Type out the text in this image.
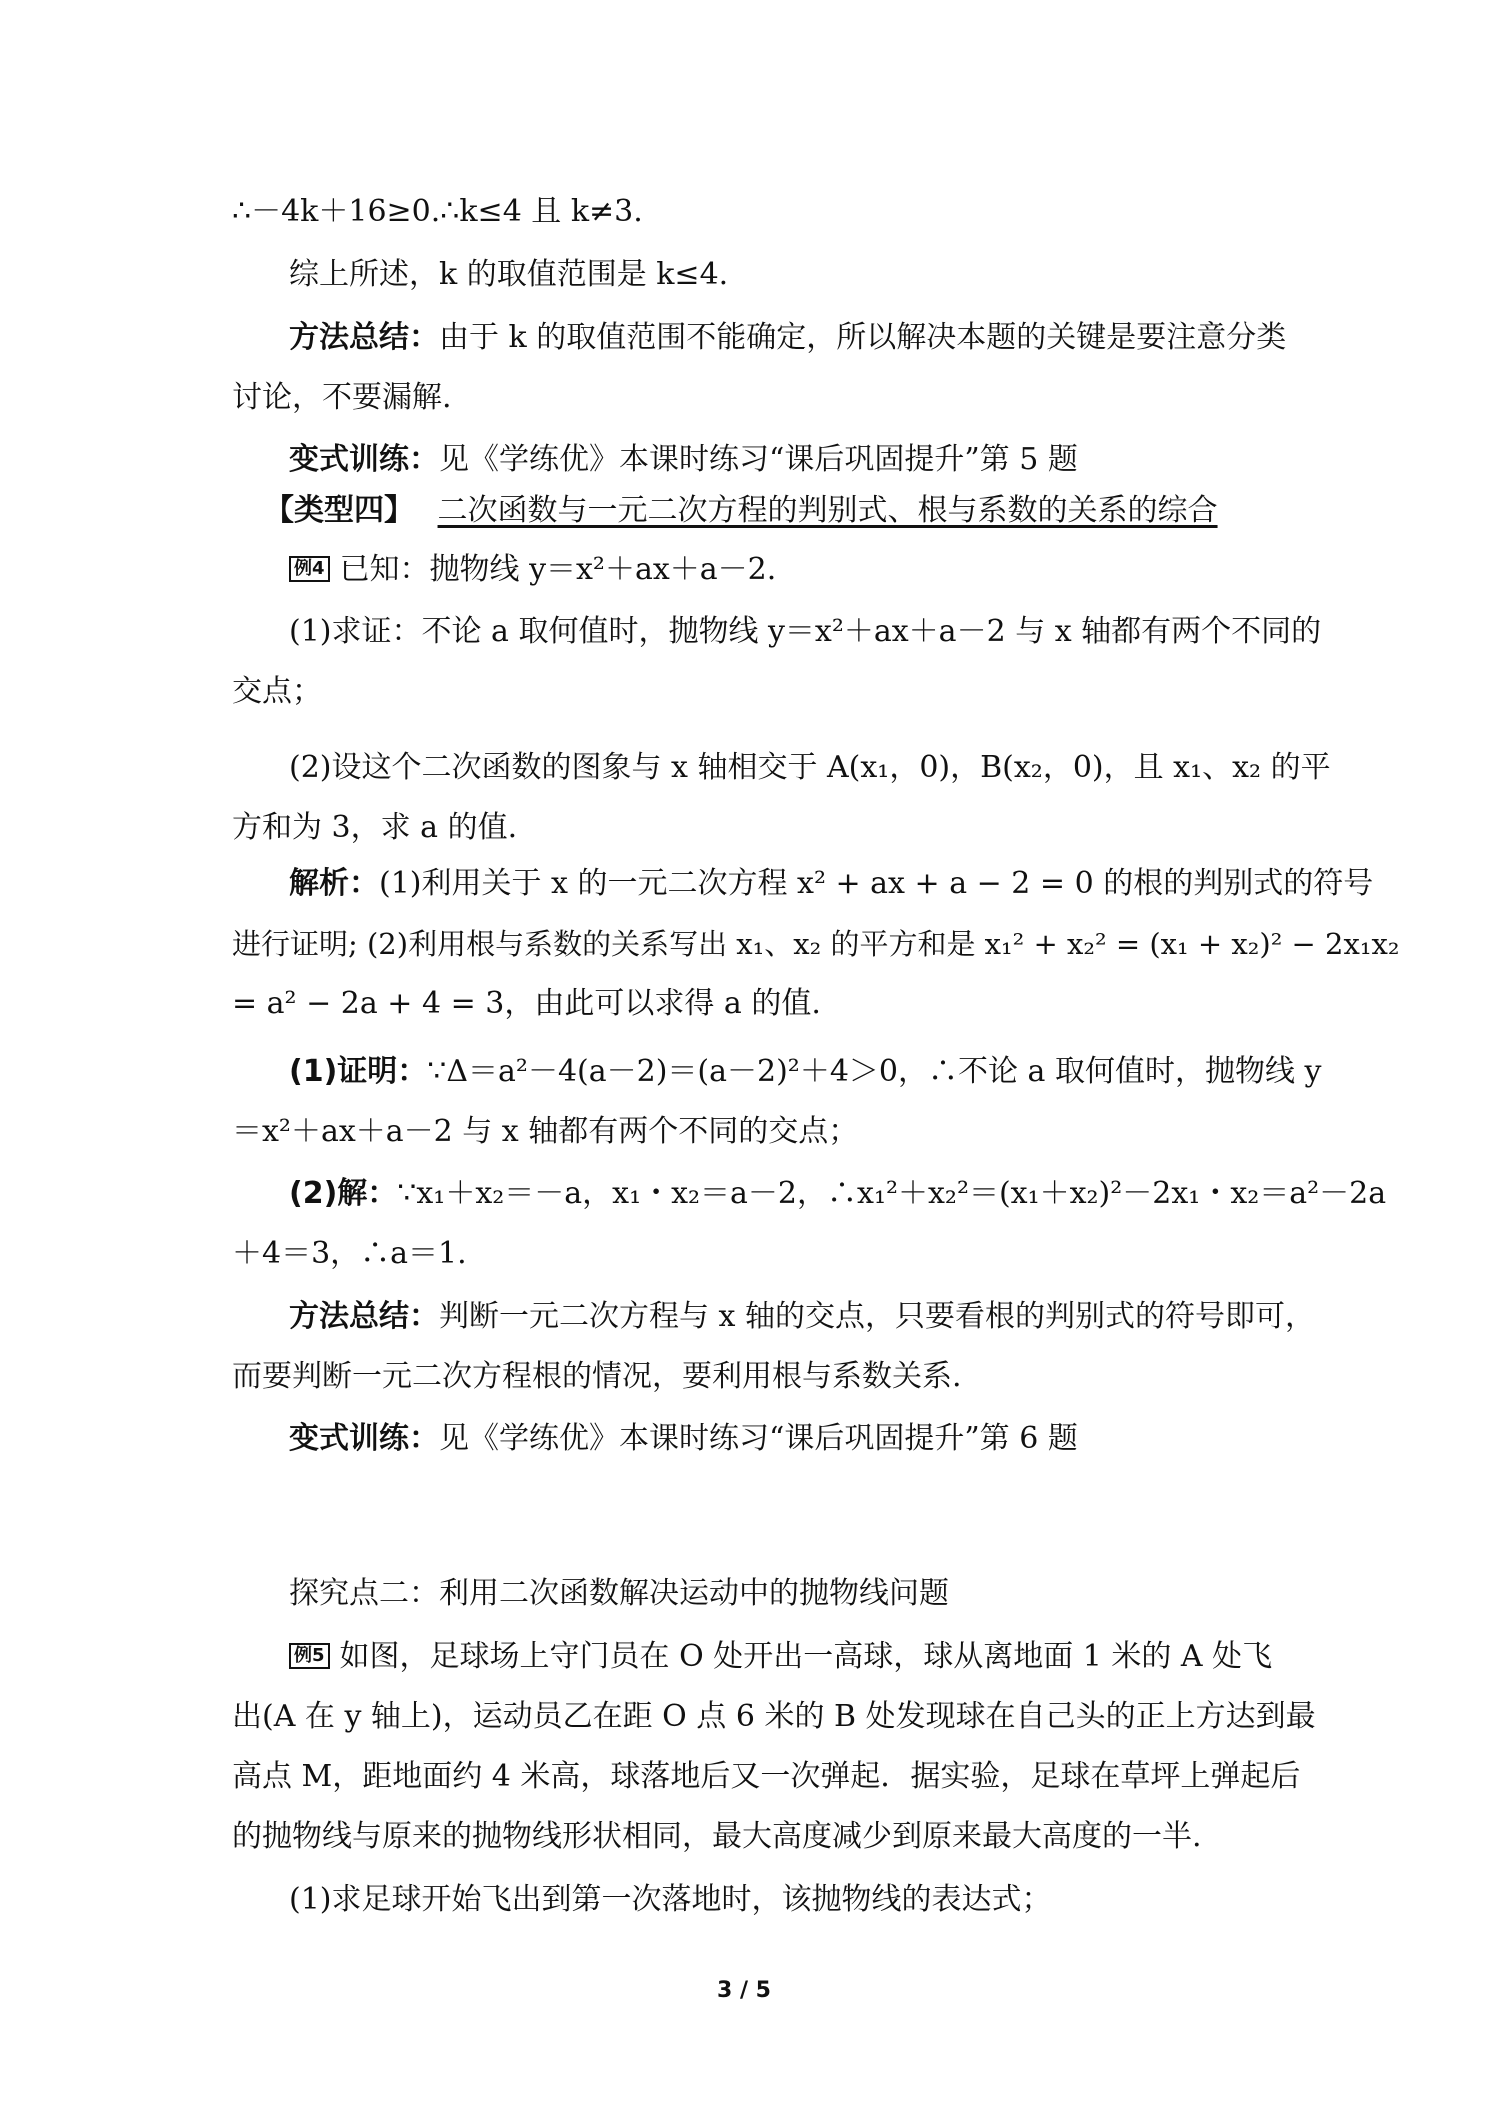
∴－4k＋16≥0.∴k≤4 且 k≠3.
综上所述，k 的取值范围是 k≤4.
方法总结：由于 k 的取值范围不能确定，所以解决本题的关键是要注意分类
讨论，不要漏解.
变式训练：见《学练优》本课时练习“课后巩固提升”第 5 题
【类型四】 二次函数与一元二次方程的判别式、根与系数的关系的综合
例4 已知：抛物线 y＝x²＋ax＋a－2.
(1)求证：不论 a 取何值时，抛物线 y＝x²＋ax＋a－2 与 x 轴都有两个不同的
交点；
(2)设这个二次函数的图象与 x 轴相交于 A(x₁，0)，B(x₂，0)，且 x₁、x₂ 的平
方和为 3，求 a 的值.
解析：(1)利用关于 x 的一元二次方程 x² + ax + a − 2 = 0 的根的判别式的符号
进行证明; (2)利用根与系数的关系写出 x₁、x₂ 的平方和是 x₁² + x₂² = (x₁ + x₂)² − 2x₁x₂
= a² − 2a + 4 = 3，由此可以求得 a 的值.
(1)证明：∵Δ＝a²－4(a－2)＝(a－2)²＋4＞0，∴不论 a 取何值时，抛物线 y
＝x²＋ax＋a－2 与 x 轴都有两个不同的交点；
(2)解：∵x₁＋x₂＝－a，x₁・x₂＝a－2，∴x₁²＋x₂²＝(x₁＋x₂)²－2x₁・x₂＝a²－2a
＋4＝3，∴a＝1.
方法总结：判断一元二次方程与 x 轴的交点，只要看根的判别式的符号即可，
而要判断一元二次方程根的情况，要利用根与系数关系.
变式训练：见《学练优》本课时练习“课后巩固提升”第 6 题
探究点二：利用二次函数解决运动中的抛物线问题
例5 如图，足球场上守门员在 O 处开出一高球，球从离地面 1 米的 A 处飞
出(A 在 y 轴上)，运动员乙在距 O 点 6 米的 B 处发现球在自己头的正上方达到最
高点 M，距地面约 4 米高，球落地后又一次弹起．据实验，足球在草坪上弹起后
的抛物线与原来的抛物线形状相同，最大高度减少到原来最大高度的一半.
(1)求足球开始飞出到第一次落地时，该抛物线的表达式；
3 / 5
